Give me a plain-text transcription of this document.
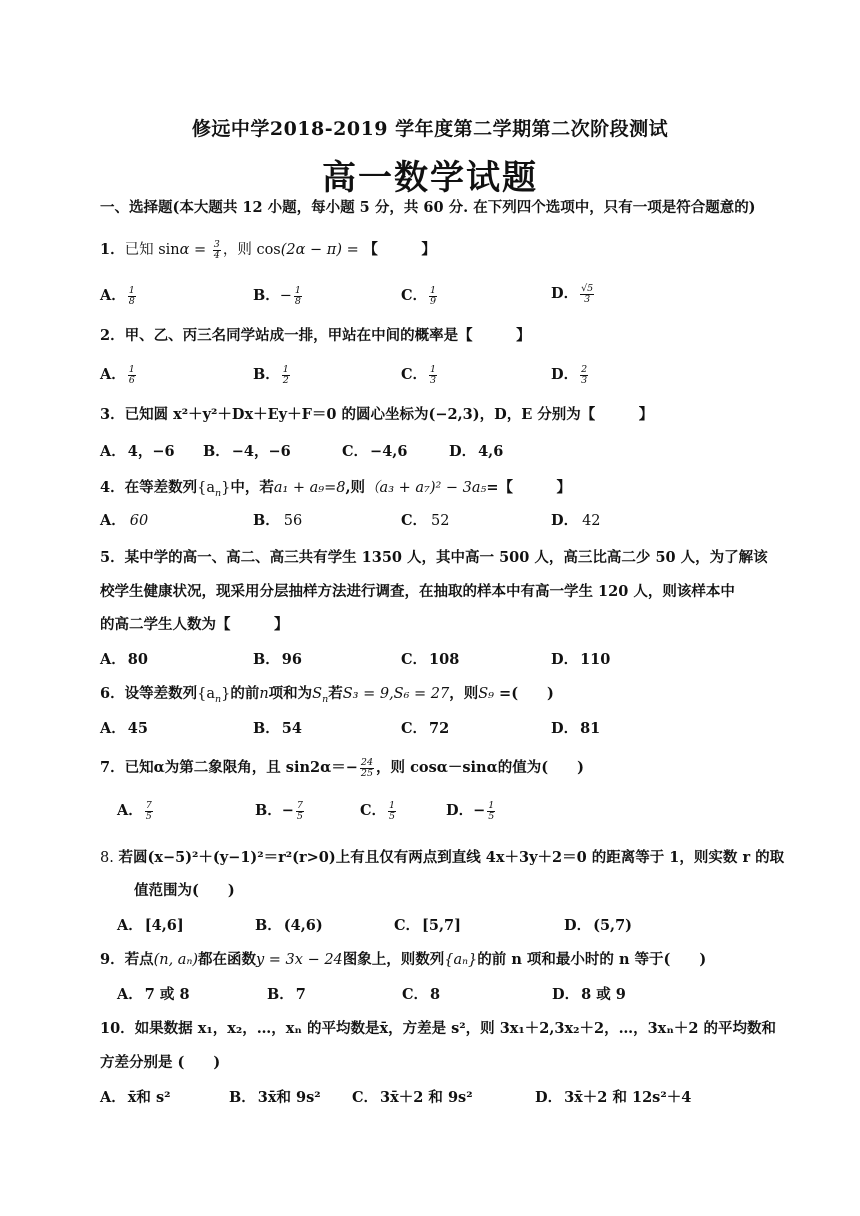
修远中学2018-2019 学年度第二学期第二次阶段测试
高一数学试题
一、选择题(本大题共 12 小题，每小题 5 分，共 60 分. 在下列四个选项中，只有一项是符合题意的)
1．已知 $\sin\alpha = \frac{3}{4}$ ，则 cos(2α − π) = 【　　　】
A． $\frac{1}{8}$	B．− $\frac{1}{8}$	C． $\frac{1}{9}$	D． $\frac{√5}{3}$
2．甲、乙、丙三名同学站成一排，甲站在中间的概率是【　　　】
A． $\frac{1}{6}$	B． $\frac{1}{2}$	C． $\frac{1}{3}$	D． $\frac{2}{3}$
3．已知圆 x²＋y²＋Dx＋Ey＋F＝0 的圆心坐标为(−2,3)，D，E 分别为【　　　】
A． 4，−6 B． −4，−6	C． −4,6	D． 4,6
4．在等差数列$\{a_n\}$中，若a₁ + a₉=8,则（a₃ + a₇)² − 3a₅=【　　　】
A． 60	B． 56	C． 52	D． 42
5．某中学的高一、高二、高三共有学生 1350 人，其中高一 500 人，高三比高二少 50 人，为了解该
校学生健康状况，现采用分层抽样方法进行调查，在抽取的样本中有高一学生 120 人，则该样本中
的高二学生人数为【　　　】
A． 80	B． 96	C． 108	D． 110
6．设等差数列$\{a_n\}$的前n项和为$S_n$若S₃ = 9,S₆ = 27，则S₉ =(　　)
A． 45	B． 54	C． 72	D． 81
7．已知α为第二象限角，且 $\sin 2\alpha=- \frac{24}{25}$ ，则 cosα－sinα的值为(　　)
A． $\frac{7}{5}$	B．− $\frac{7}{5}$	C． $\frac{1}{5}$	D．− $\frac{1}{5}$
8. 若圆(x−5)²＋(y−1)²＝r²(r>0)上有且仅有两点到直线 4x＋3y＋2＝0 的距离等于 1，则实数 r 的取
值范围为(　　)
A． [4,6]	B． (4,6)	C． [5,7]	D． (5,7)
9．若点(n, aₙ)都在函数y = 3x − 24图象上，则数列{aₙ}的前 n 项和最小时的 n 等于(　　)
A． 7 或 8	B． 7	C． 8	D． 8 或 9
10．如果数据 x₁，x₂，…，xₙ 的平均数是x̄，方差是 s²，则 3x₁＋2,3x₂＋2，…，3xₙ＋2 的平均数和
方差分别是 (　　)
A． x̄和 s²	B． 3x̄和 9s² C． 3x̄＋2 和 9s²	D． 3x̄＋2 和 12s²＋4
